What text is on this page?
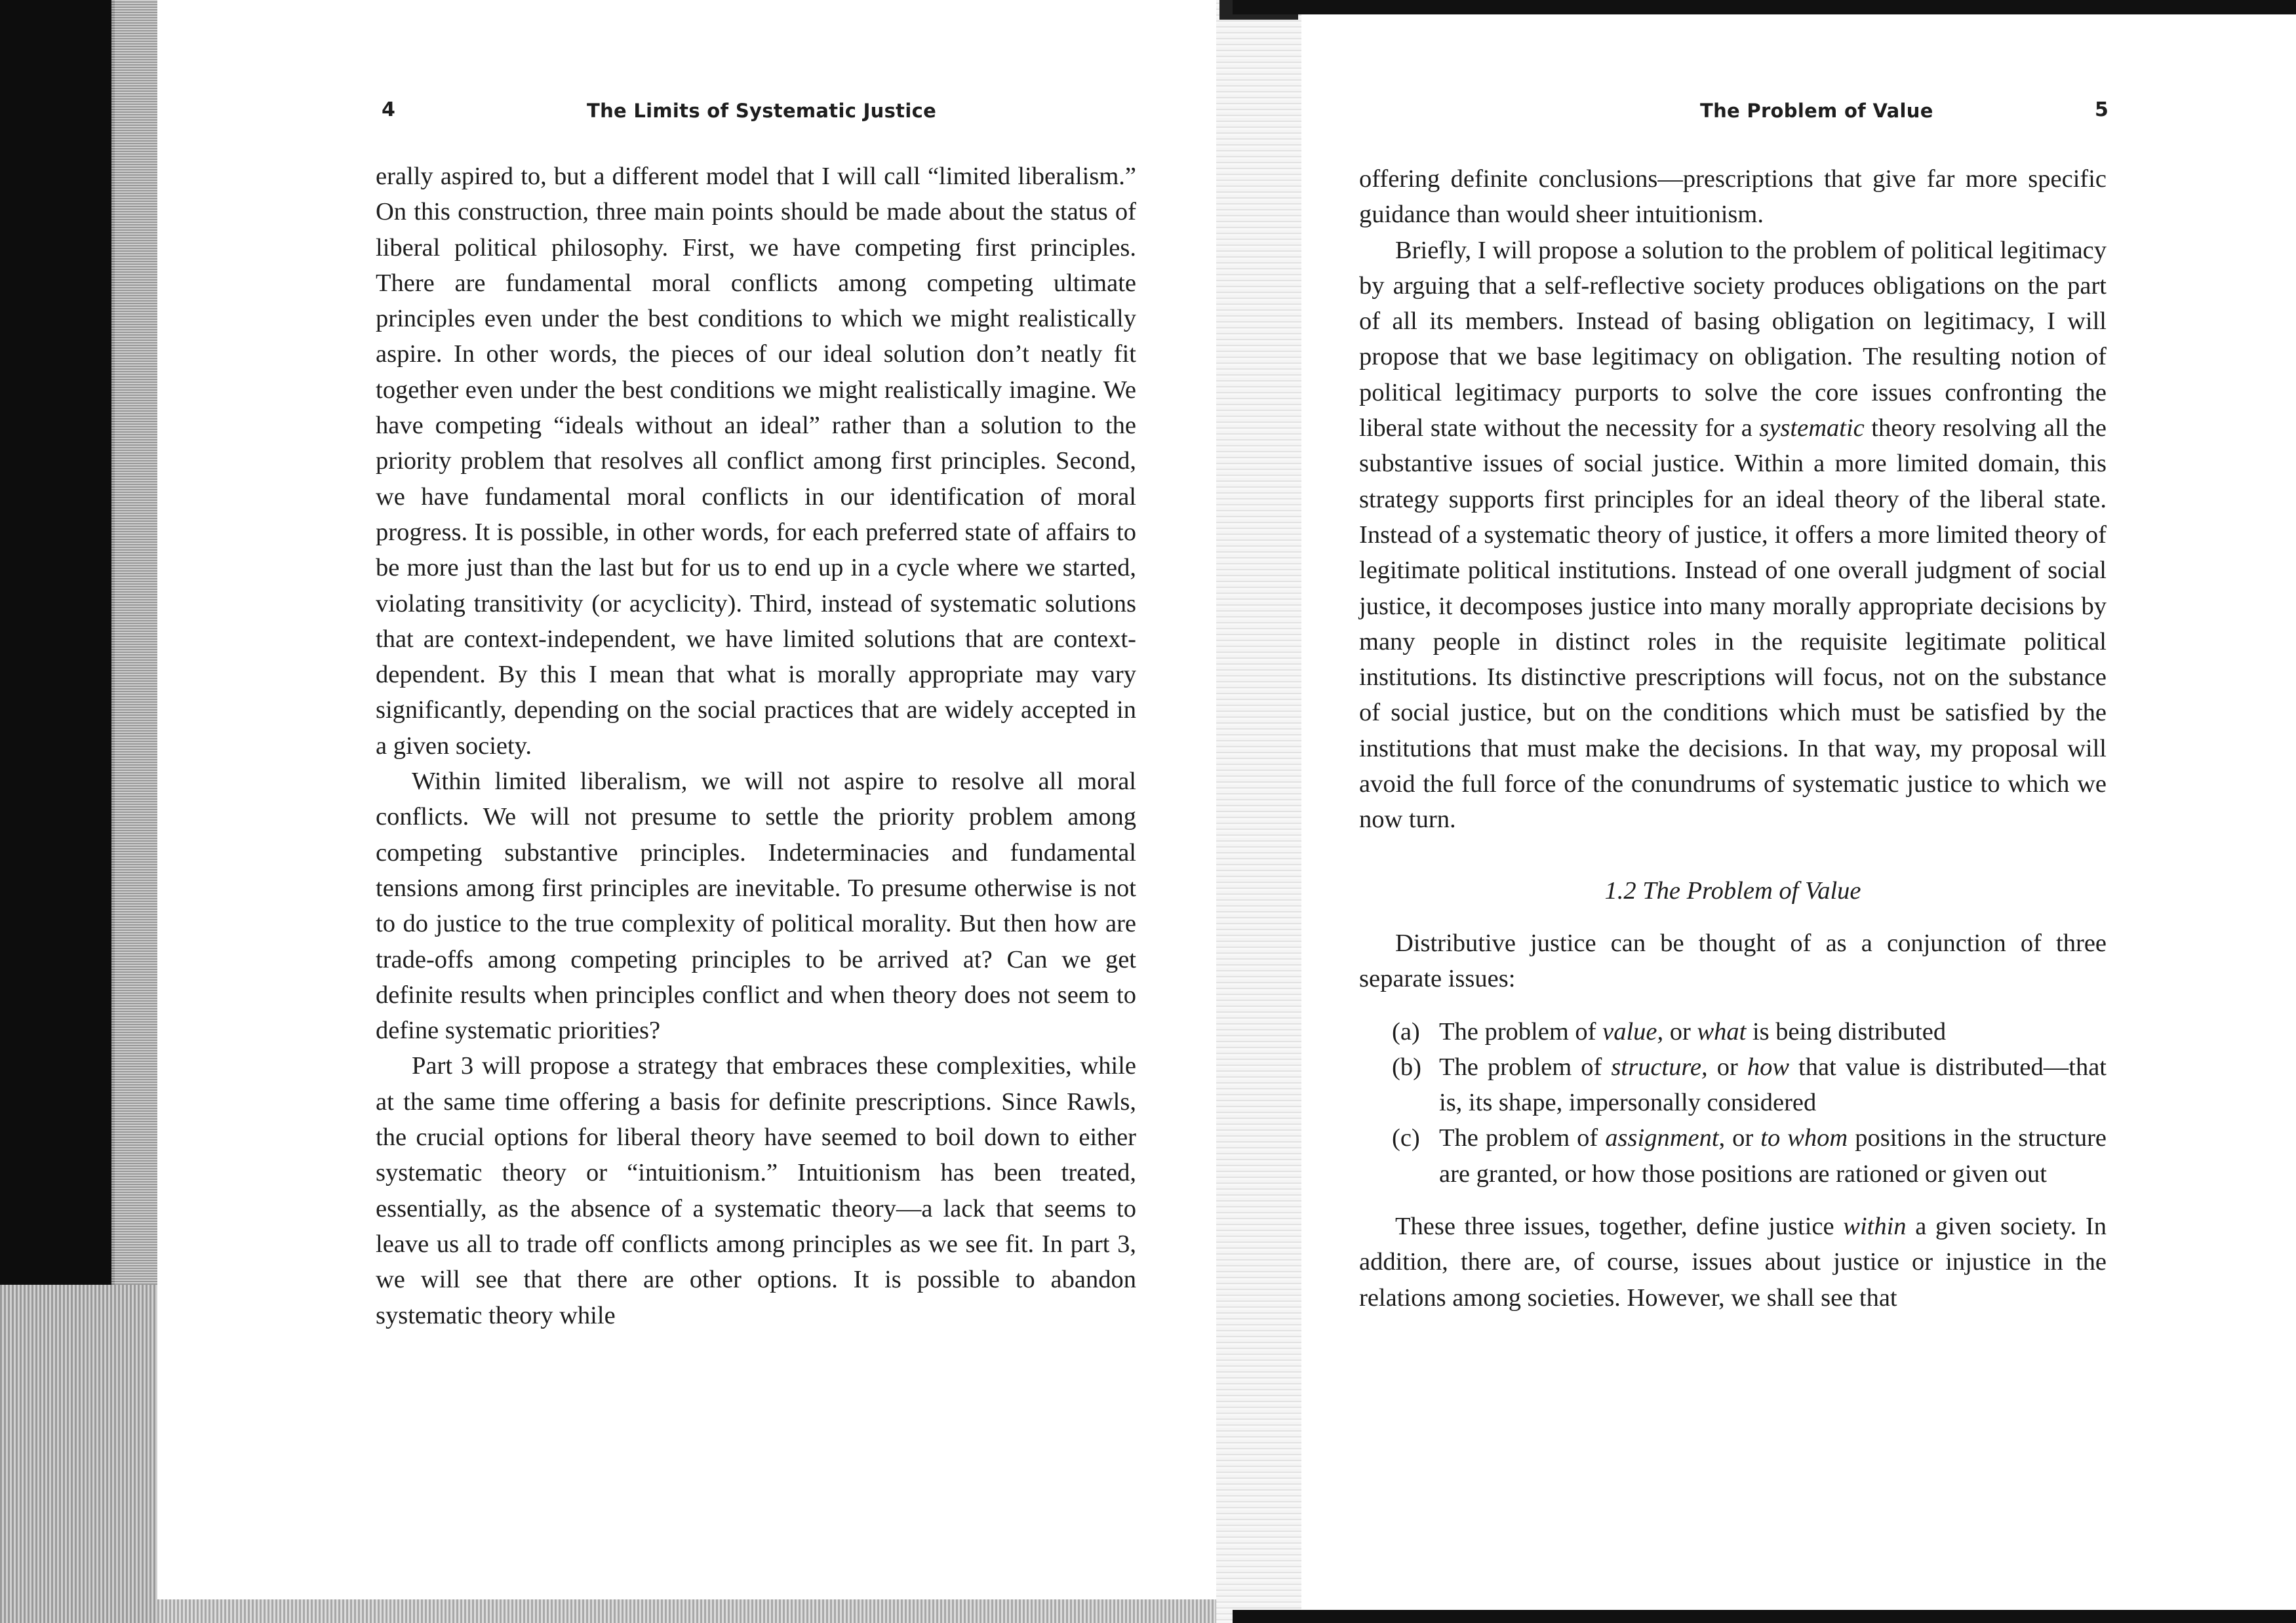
4	The Limits of Systematic Justice

erally aspired to, but a different model that I will call “limited liberalism.” On this construction, three main points should be made about the status of liberal political philosophy. First, we have competing first principles. There are fundamental moral conflicts among competing ultimate principles even under the best conditions to which we might realistically aspire. In other words, the pieces of our ideal solution don’t neatly fit together even under the best conditions we might realistically imagine. We have competing “ideals without an ideal” rather than a solution to the priority problem that resolves all conflict among first principles. Second, we have fundamental moral conflicts in our identification of moral progress. It is possible, in other words, for each preferred state of affairs to be more just than the last but for us to end up in a cycle where we started, violating transitivity (or acyclicity). Third, instead of systematic solutions that are context-independent, we have limited solutions that are context-dependent. By this I mean that what is morally appropriate may vary significantly, depending on the social practices that are widely accepted in a given society.

Within limited liberalism, we will not aspire to resolve all moral conflicts. We will not presume to settle the priority problem among competing substantive principles. Indeterminacies and fundamental tensions among first principles are inevitable. To presume otherwise is not to do justice to the true complexity of political morality. But then how are trade-offs among competing principles to be arrived at? Can we get definite results when principles conflict and when theory does not seem to define systematic priorities?

Part 3 will propose a strategy that embraces these complexities, while at the same time offering a basis for definite prescriptions. Since Rawls, the crucial options for liberal theory have seemed to boil down to either systematic theory or “intuitionism.” Intuitionism has been treated, essentially, as the absence of a systematic theory—a lack that seems to leave us all to trade off conflicts among principles as we see fit. In part 3, we will see that there are other options. It is possible to abandon systematic theory while

The Problem of Value	5

offering definite conclusions—prescriptions that give far more specific guidance than would sheer intuitionism.

Briefly, I will propose a solution to the problem of political legitimacy by arguing that a self-reflective society produces obligations on the part of all its members. Instead of basing obligation on legitimacy, I will propose that we base legitimacy on obligation. The resulting notion of political legitimacy purports to solve the core issues confronting the liberal state without the necessity for a systematic theory resolving all the substantive issues of social justice. Within a more limited domain, this strategy supports first principles for an ideal theory of the liberal state. Instead of a systematic theory of justice, it offers a more limited theory of legitimate political institutions. Instead of one overall judgment of social justice, it decomposes justice into many morally appropriate decisions by many people in distinct roles in the requisite legitimate political institutions. Its distinctive prescriptions will focus, not on the substance of social justice, but on the conditions which must be satisfied by the institutions that must make the decisions. In that way, my proposal will avoid the full force of the conundrums of systematic justice to which we now turn.

1.2 The Problem of Value

Distributive justice can be thought of as a conjunction of three separate issues:

(a) The problem of value, or what is being distributed
(b) The problem of structure, or how that value is distributed—that is, its shape, impersonally considered
(c) The problem of assignment, or to whom positions in the structure are granted, or how those positions are rationed or given out

These three issues, together, define justice within a given society. In addition, there are, of course, issues about justice or injustice in the relations among societies. However, we shall see that
